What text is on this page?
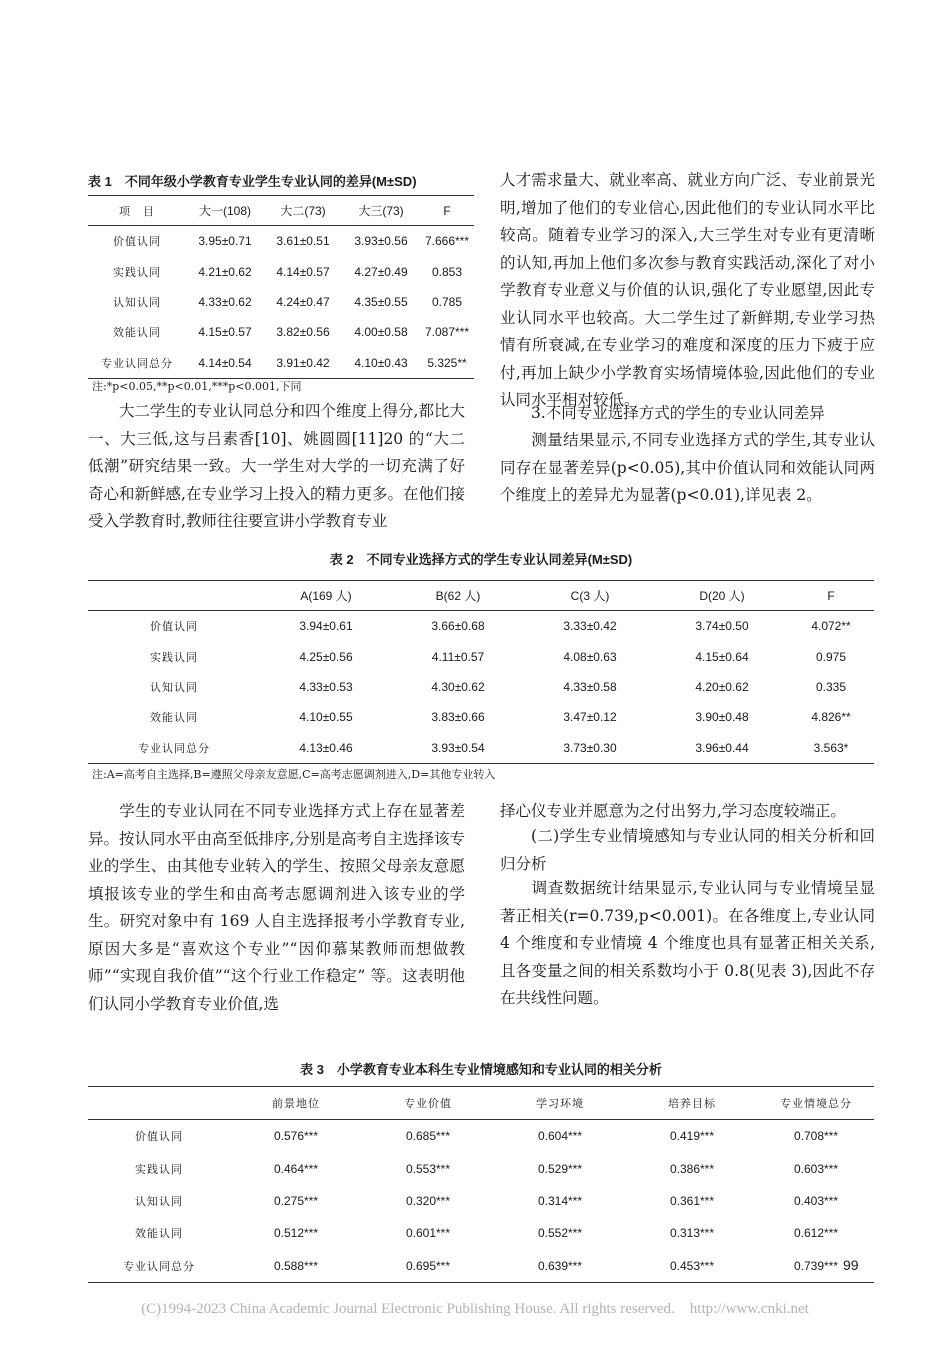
表 1　不同年级小学教育专业学生专业认同的差异(M±SD)
项　目	大一(108)	大二(73)	大三(73)	F
价值认同	3.95±0.71	3.61±0.51	3.93±0.56	7.666***
实践认同	4.21±0.62	4.14±0.57	4.27±0.49	0.853
认知认同	4.33±0.62	4.24±0.47	4.35±0.55	0.785
效能认同	4.15±0.57	3.82±0.56	4.00±0.58	7.087***
专业认同总分	4.14±0.54	3.91±0.42	4.10±0.43	5.325**
注:*p<0.05,**p<0.01,***p<0.001,下同
大二学生的专业认同总分和四个维度上得分,都比大一、大三低,这与吕素香[10]、姚圆圆[11]20 的“大二低潮”研究结果一致。大一学生对大学的一切充满了好奇心和新鲜感,在专业学习上投入的精力更多。在他们接受入学教育时,教师往往要宣讲小学教育专业
人才需求量大、就业率高、就业方向广泛、专业前景光明,增加了他们的专业信心,因此他们的专业认同水平比较高。随着专业学习的深入,大三学生对专业有更清晰的认知,再加上他们多次参与教育实践活动,深化了对小学教育专业意义与价值的认识,强化了专业愿望,因此专业认同水平也较高。大二学生过了新鲜期,专业学习热情有所衰减,在专业学习的难度和深度的压力下疲于应付,再加上缺少小学教育实场情境体验,因此他们的专业认同水平相对较低。
3.不同专业选择方式的学生的专业认同差异
测量结果显示,不同专业选择方式的学生,其专业认同存在显著差异(p<0.05),其中价值认同和效能认同两个维度上的差异尤为显著(p<0.01),详见表 2。
表 2　不同专业选择方式的学生专业认同差异(M±SD)
	A(169 人)	B(62 人)	C(3 人)	D(20 人)	F
价值认同	3.94±0.61	3.66±0.68	3.33±0.42	3.74±0.50	4.072**
实践认同	4.25±0.56	4.11±0.57	4.08±0.63	4.15±0.64	0.975
认知认同	4.33±0.53	4.30±0.62	4.33±0.58	4.20±0.62	0.335
效能认同	4.10±0.55	3.83±0.66	3.47±0.12	3.90±0.48	4.826**
专业认同总分	4.13±0.46	3.93±0.54	3.73±0.30	3.96±0.44	3.563*
注:A=高考自主选择,B=遵照父母亲友意愿,C=高考志愿调剂进入,D=其他专业转入
学生的专业认同在不同专业选择方式上存在显著差异。按认同水平由高至低排序,分别是高考自主选择该专业的学生、由其他专业转入的学生、按照父母亲友意愿填报该专业的学生和由高考志愿调剂进入该专业的学生。研究对象中有 169 人自主选择报考小学教育专业,原因大多是“喜欢这个专业”“因仰慕某教师而想做教师”“实现自我价值”“这个行业工作稳定” 等。这表明他们认同小学教育专业价值,选
择心仪专业并愿意为之付出努力,学习态度较端正。
(二)学生专业情境感知与专业认同的相关分析和回归分析
调查数据统计结果显示,专业认同与专业情境呈显著正相关(r=0.739,p<0.001)。在各维度上,专业认同 4 个维度和专业情境 4 个维度也具有显著正相关关系,且各变量之间的相关系数均小于 0.8(见表 3),因此不存在共线性问题。
表 3　小学教育专业本科生专业情境感知和专业认同的相关分析
	前景地位	专业价值	学习环境	培养目标	专业情境总分
价值认同	0.576***	0.685***	0.604***	0.419***	0.708***
实践认同	0.464***	0.553***	0.529***	0.386***	0.603***
认知认同	0.275***	0.320***	0.314***	0.361***	0.403***
效能认同	0.512***	0.601***	0.552***	0.313***	0.612***
专业认同总分	0.588***	0.695***	0.639***	0.453***	0.739*** 99
(C)1994-2023 China Academic Journal Electronic Publishing House. All rights reserved.　http://www.cnki.net
